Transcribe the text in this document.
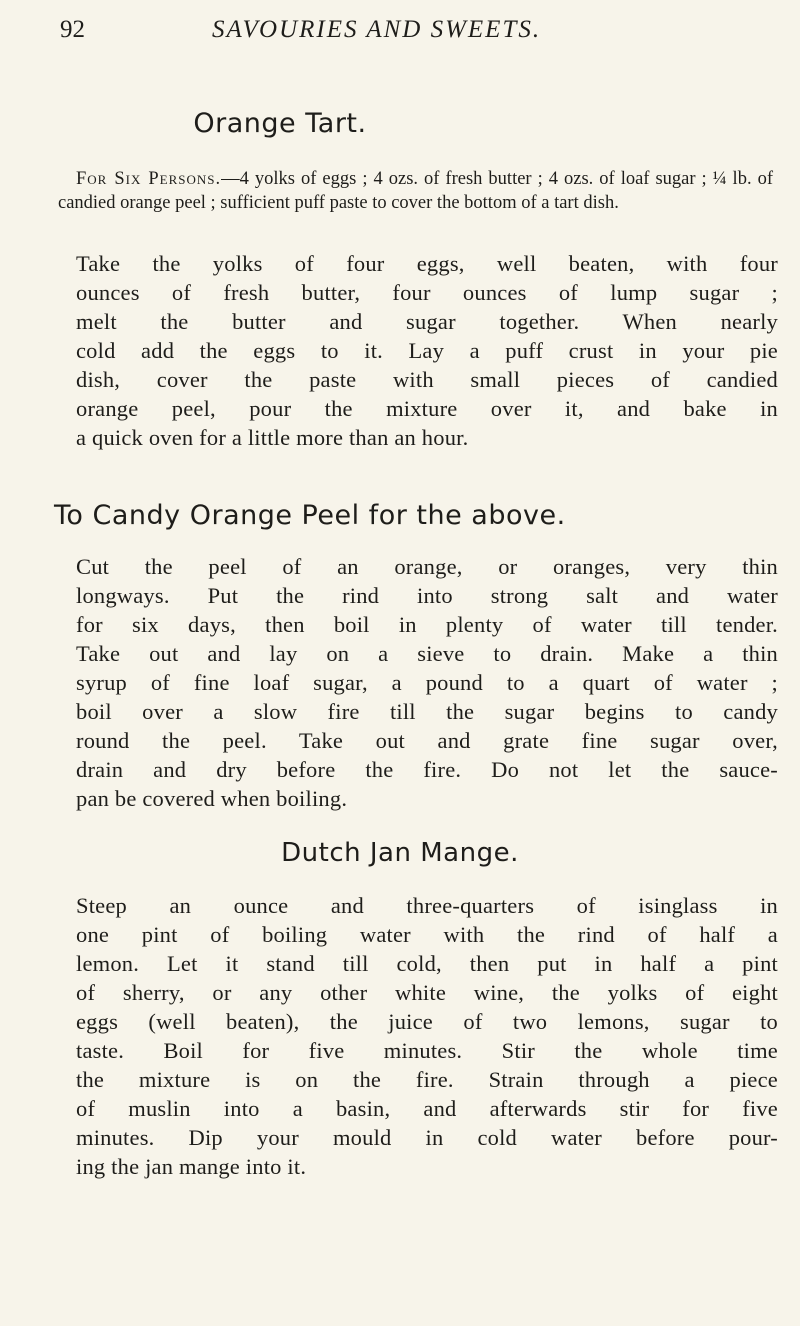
92	SAVOURIES AND SWEETS.
Orange Tart.
For Six Persons.—4 yolks of eggs ; 4 ozs. of fresh butter ; 4 ozs. of loaf sugar ; ¼ lb. of candied orange peel ; sufficient puff paste to cover the bottom of a tart dish.
Take the yolks of four eggs, well beaten, with four
ounces of fresh butter, four ounces of lump sugar ;
melt the butter and sugar together. When nearly
cold add the eggs to it. Lay a puff crust in your pie
dish, cover the paste with small pieces of candied
orange peel, pour the mixture over it, and bake in
a quick oven for a little more than an hour.
To Candy Orange Peel for the above.
Cut the peel of an orange, or oranges, very thin
longways. Put the rind into strong salt and water
for six days, then boil in plenty of water till tender.
Take out and lay on a sieve to drain. Make a thin
syrup of fine loaf sugar, a pound to a quart of water ;
boil over a slow fire till the sugar begins to candy
round the peel. Take out and grate fine sugar over,
drain and dry before the fire. Do not let the sauce-
pan be covered when boiling.
Dutch Jan Mange.
Steep an ounce and three-quarters of isinglass in
one pint of boiling water with the rind of half a
lemon. Let it stand till cold, then put in half a pint
of sherry, or any other white wine, the yolks of eight
eggs (well beaten), the juice of two lemons, sugar to
taste. Boil for five minutes. Stir the whole time
the mixture is on the fire. Strain through a piece
of muslin into a basin, and afterwards stir for five
minutes. Dip your mould in cold water before pour-
ing the jan mange into it.
